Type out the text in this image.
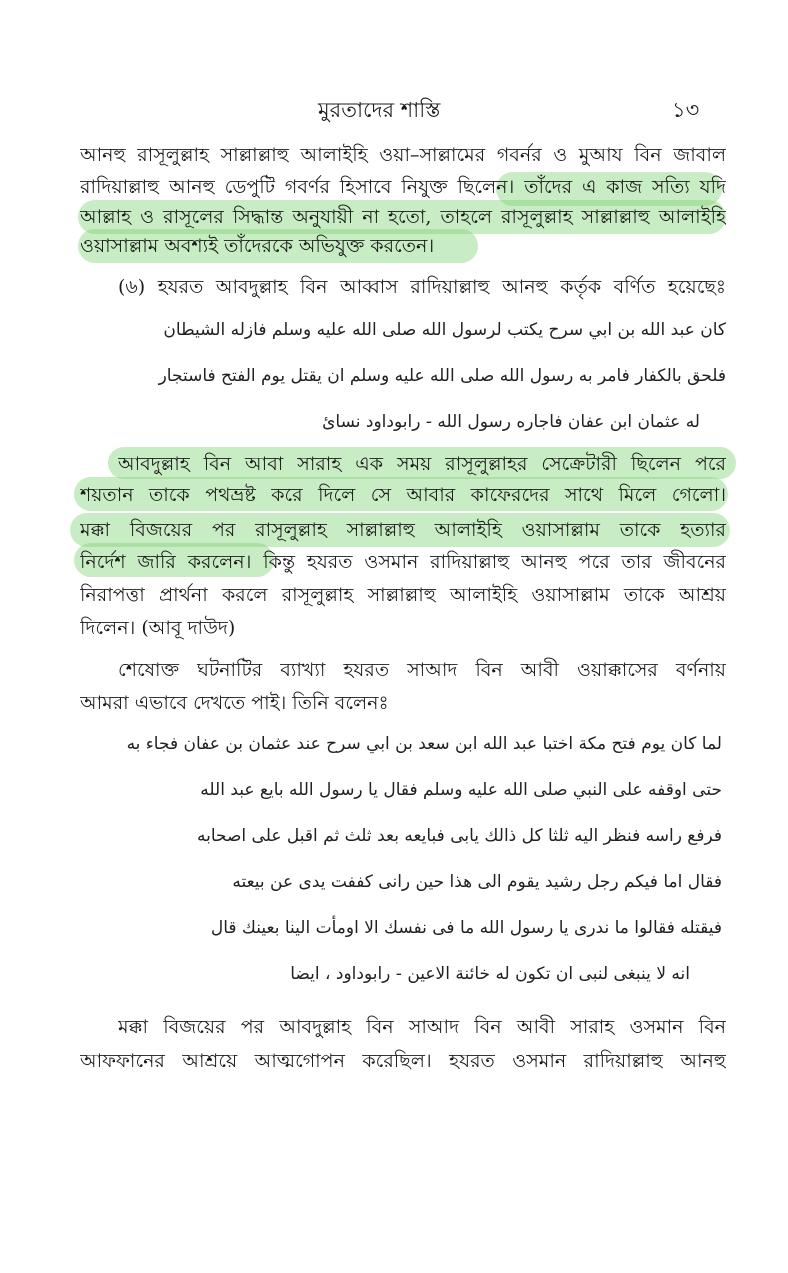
মুরতাদের শাস্তি	১৩
আনহু রাসূলুল্লাহ সাল্লাল্লাহু আলাইহি ওয়া–সাল্লামের গবর্নর ও মুআয বিন জাবাল
রাদিয়াল্লাহু আনহু ডেপুটি গবর্ণর হিসাবে নিযুক্ত ছিলেন। তাঁদের এ কাজ সত্যি যদি
আল্লাহ ও রাসূলের সিদ্ধান্ত অনুযায়ী না হতো, তাহলে রাসূলুল্লাহ সাল্লাল্লাহু আলাইহি
ওয়াসাল্লাম অবশ্যই তাঁদেরকে অভিযুক্ত করতেন।
(৬) হযরত আবদুল্লাহ বিন আব্বাস রাদিয়াল্লাহু আনহু কর্তৃক বর্ণিত হয়েছেঃ
كان عبد الله بن ابي سرح يكتب لرسول الله صلى الله عليه وسلم فازله الشيطان
فلحق بالكفار فامر به رسول الله صلى الله عليه وسلم ان يقتل يوم الفتح فاستجار
له عثمان ابن عفان فاجاره رسول الله - رابوداود نسائ
আবদুল্লাহ বিন আবা সারাহ এক সময় রাসূলুল্লাহর সেক্রেটারী ছিলেন পরে
শয়তান তাকে পথভ্রষ্ট করে দিলে সে আবার কাফেরদের সাথে মিলে গেলো।
মক্কা বিজয়ের পর রাসূলুল্লাহ সাল্লাল্লাহু আলাইহি ওয়াসাল্লাম তাকে হত্যার
নির্দেশ জারি করলেন। কিন্তু হযরত ওসমান রাদিয়াল্লাহু আনহু পরে তার জীবনের
নিরাপত্তা প্রার্থনা করলে রাসূলুল্লাহ সাল্লাল্লাহু আলাইহি ওয়াসাল্লাম তাকে আশ্রয়
দিলেন। (আবূ দাউদ)
শেষোক্ত ঘটনাটির ব্যাখ্যা হযরত সাআদ বিন আবী ওয়াক্কাসের বর্ণনায়
আমরা এভাবে দেখতে পাই। তিনি বলেনঃ
لما كان يوم فتح مكة اختبا عبد الله ابن سعد بن ابي سرح عند عثمان بن عفان فجاء به
حتى اوقفه على النبي صلى الله عليه وسلم فقال يا رسول الله بايع عبد الله
فرفع راسه فنظر اليه ثلثا كل ذالك يابى فبايعه بعد ثلث ثم اقبل على اصحابه
فقال اما فيكم رجل رشيد يقوم الى هذا حين رانى كففت يدى عن بيعته
فيقتله فقالوا ما ندرى يا رسول الله ما فى نفسك الا اومأت الينا بعينك قال
انه لا ينبغى لنبى ان تكون له خائنة الاعين - رابوداود ، ايضا
মক্কা বিজয়ের পর আবদুল্লাহ বিন সাআদ বিন আবী সারাহ ওসমান বিন
আফফানের আশ্রয়ে আত্মগোপন করেছিল। হযরত ওসমান রাদিয়াল্লাহু আনহু
